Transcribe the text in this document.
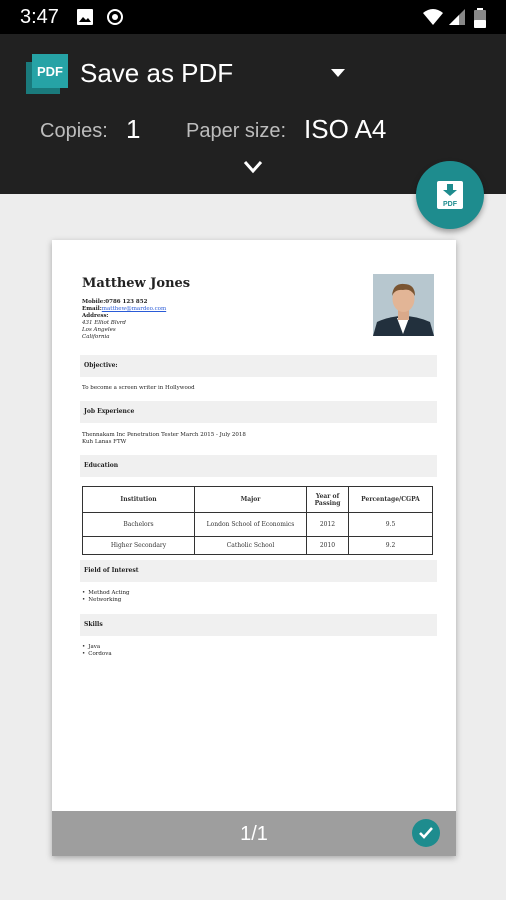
3:47
PDF Save as PDF
Copies: 1 Paper size: ISO A4
PDF
Matthew Jones
Mobile:0786 123 852
Email:matthew@mardeo.com
Address:
431 Elliot Blvrd
Los Angeles
California
Objective:
To become a screen writer in Hollywood
Job Experience
Thennakam Inc Penetration Tester March 2015 - July 2018
Kuh Lanas FTW
Education
Institution	Major	Year of Passing	Percentage/CGPA
Bachelors	London School of Economics	2012	9.5
Higher Secondary	Catholic School	2010	9.2
Field of Interest
• Method Acting
• Networking
Skills
• Java
• Cordova
1/1
